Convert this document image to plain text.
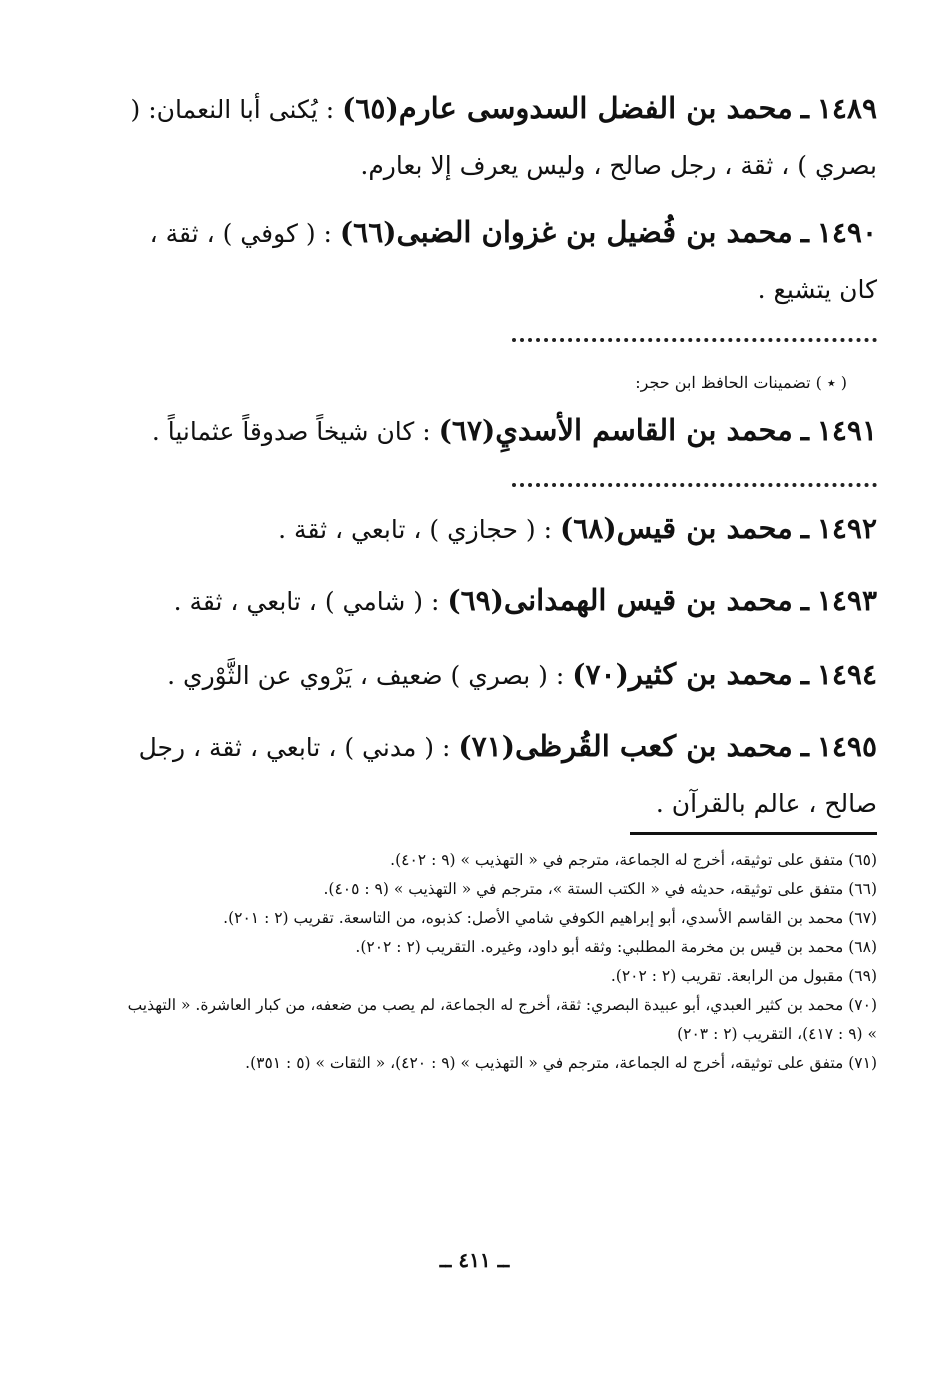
١٤٨٩ ـ محمد بن الفضل السدوسى عارم(٦٥) : يُكنى أبا النعمان: ( بصري ) ، ثقة ، رجل صالح ، وليس يعرف إلا بعارم.
١٤٩٠ ـ محمد بن فُضيل بن غزوان الضبى(٦٦) : ( كوفي ) ، ثقة ، كان يتشيع .
( ٭ ) تضمينات الحافظ ابن حجر:
١٤٩١ ـ محمد بن القاسم الأسديِ(٦٧) : كان شيخاً صدوقاً عثمانياً .
١٤٩٢ ـ محمد بن قيس(٦٨) : ( حجازي ) ، تابعي ، ثقة .
١٤٩٣ ـ محمد بن قيس الهمدانى(٦٩) : ( شامي ) ، تابعي ، ثقة .
١٤٩٤ ـ محمد بن كثير(٧٠) : ( بصري ) ضعيف ، يَرْوي عن الثَّوْري .
١٤٩٥ ـ محمد بن كعب القُرظى(٧١) : ( مدني ) ، تابعي ، ثقة ، رجل صالح ، عالم بالقرآن .

(٦٥) متفق على توثيقه، أخرج له الجماعة، مترجم في « التهذيب » (٩ : ٤٠٢).

(٦٦) متفق على توثيقه، حديثه في « الكتب الستة »، مترجم في « التهذيب » (٩ : ٤٠٥).

(٦٧) محمد بن القاسم الأسدي، أبو إبراهيم الكوفي شامي الأصل: كذبوه، من التاسعة. تقريب (٢ : ٢٠١).

(٦٨) محمد بن قيس بن مخرمة المطلبي: وثقه أبو داود، وغيره. التقريب (٢ : ٢٠٢).

(٦٩) مقبول من الرابعة. تقريب (٢ : ٢٠٢).

(٧٠) محمد بن كثير العبدي، أبو عبيدة البصري: ثقة، أخرج له الجماعة، لم يصب من ضعفه، من كبار العاشرة. « التهذيب » (٩ : ٤١٧)، التقريب (٢ : ٢٠٣)

(٧١) متفق على توثيقه، أخرج له الجماعة، مترجم في « التهذيب » (٩ : ٤٢٠)، « الثقات » (٥ : ٣٥١).

ــ ٤١١ ــ
